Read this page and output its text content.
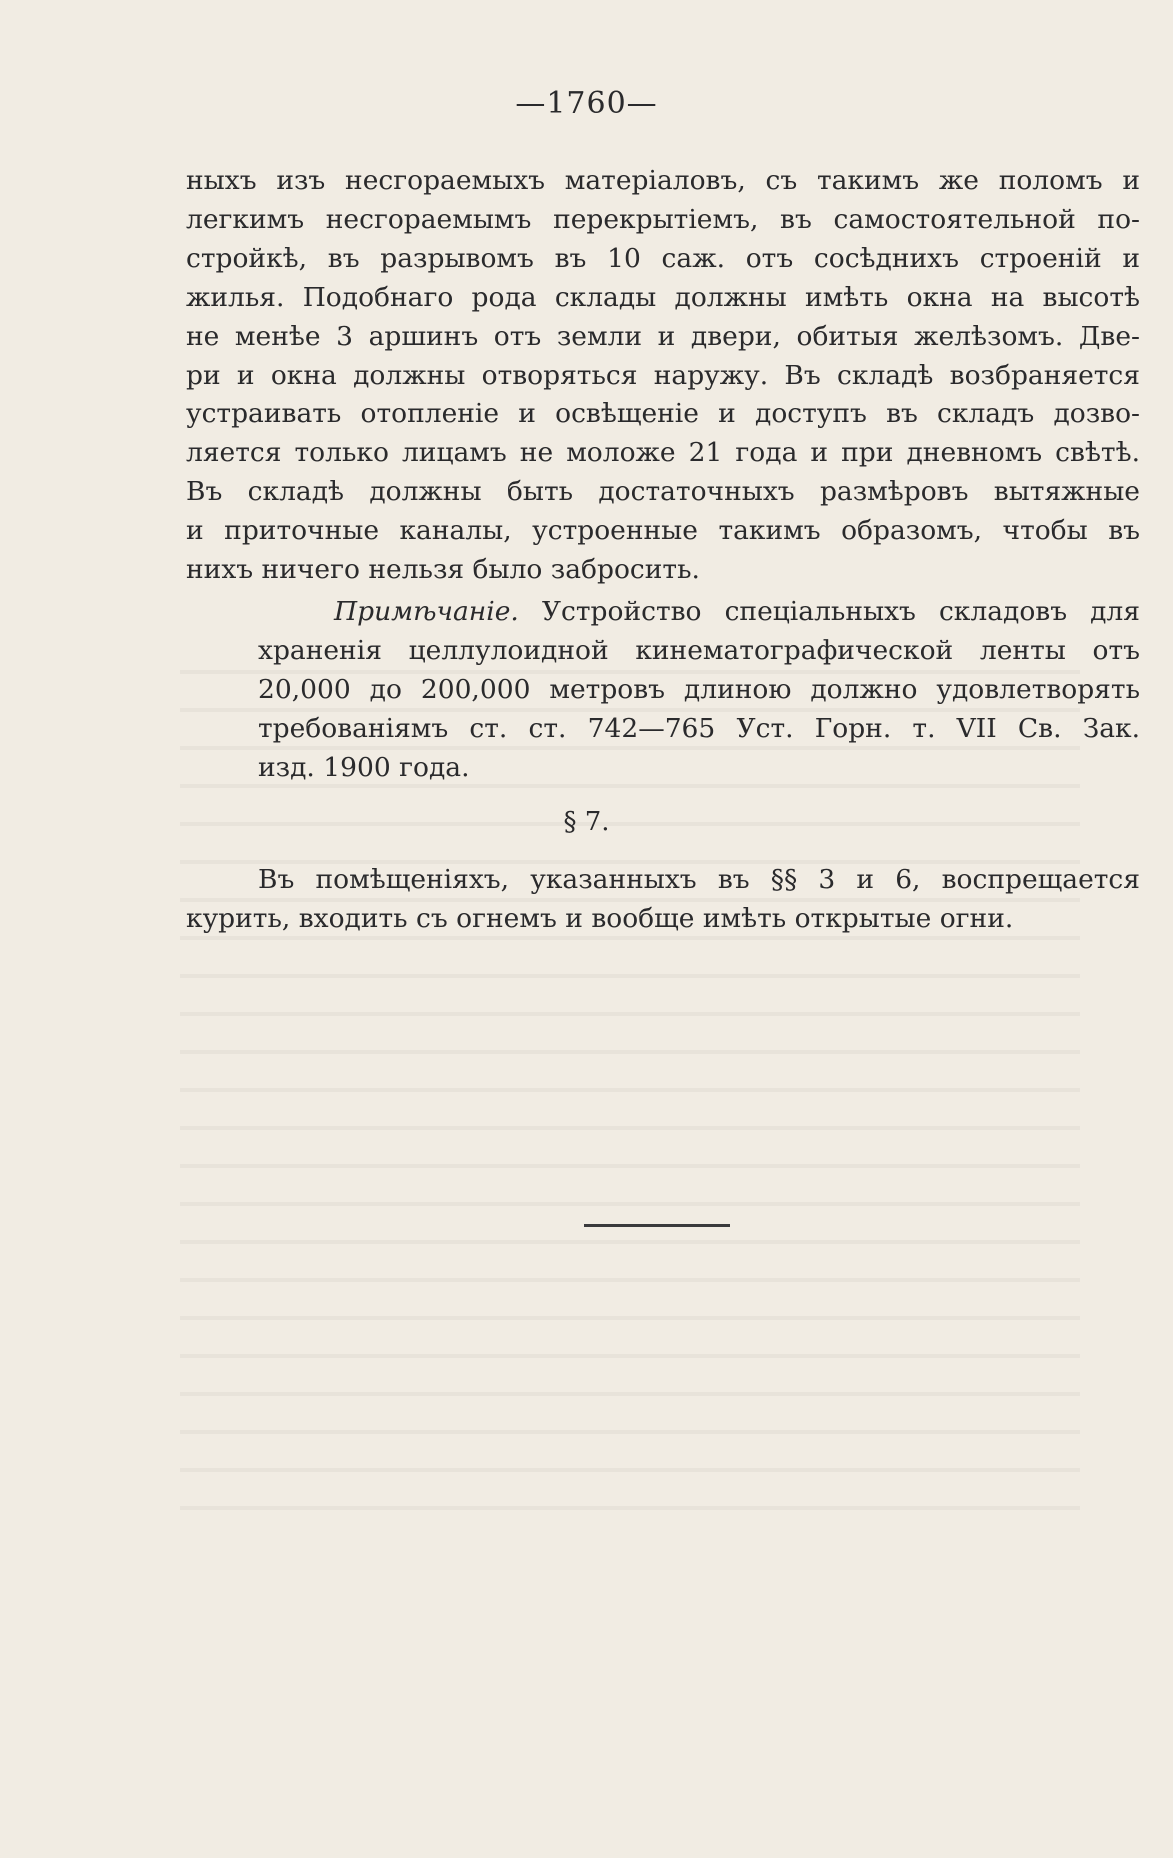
—1760—
ныхъ изъ несгораемыхъ матеріаловъ, съ такимъ же поломъ и
легкимъ несгораемымъ перекрытіемъ, въ самостоятельной по-
стройкѣ, въ разрывомъ въ 10 саж. отъ сосѣднихъ строеній и
жилья. Подобнаго рода склады должны имѣть окна на высотѣ
не менѣе 3 аршинъ отъ земли и двери, обитыя желѣзомъ. Две-
ри и окна должны отворяться наружу. Въ складѣ возбраняется
устраивать отопленіе и освѣщеніе и доступъ въ складъ дозво-
ляется только лицамъ не моложе 21 года и при дневномъ свѣтѣ.
Въ складѣ должны быть достаточныхъ размѣровъ вытяжные
и приточные каналы, устроенные такимъ образомъ, чтобы въ
нихъ ничего нельзя было забросить.
Примѣчаніе. Устройство спеціальныхъ складовъ для
храненія целлулоидной кинематографической ленты отъ
20,000 до 200,000 метровъ длиною должно удовлетворять
требованіямъ ст. ст. 742—765 Уст. Горн. т. VII Св. Зак.
изд. 1900 года.
§ 7.
Въ помѣщеніяхъ, указанныхъ въ §§ 3 и 6, воспрещается
курить, входить съ огнемъ и вообще имѣть открытые огни.
